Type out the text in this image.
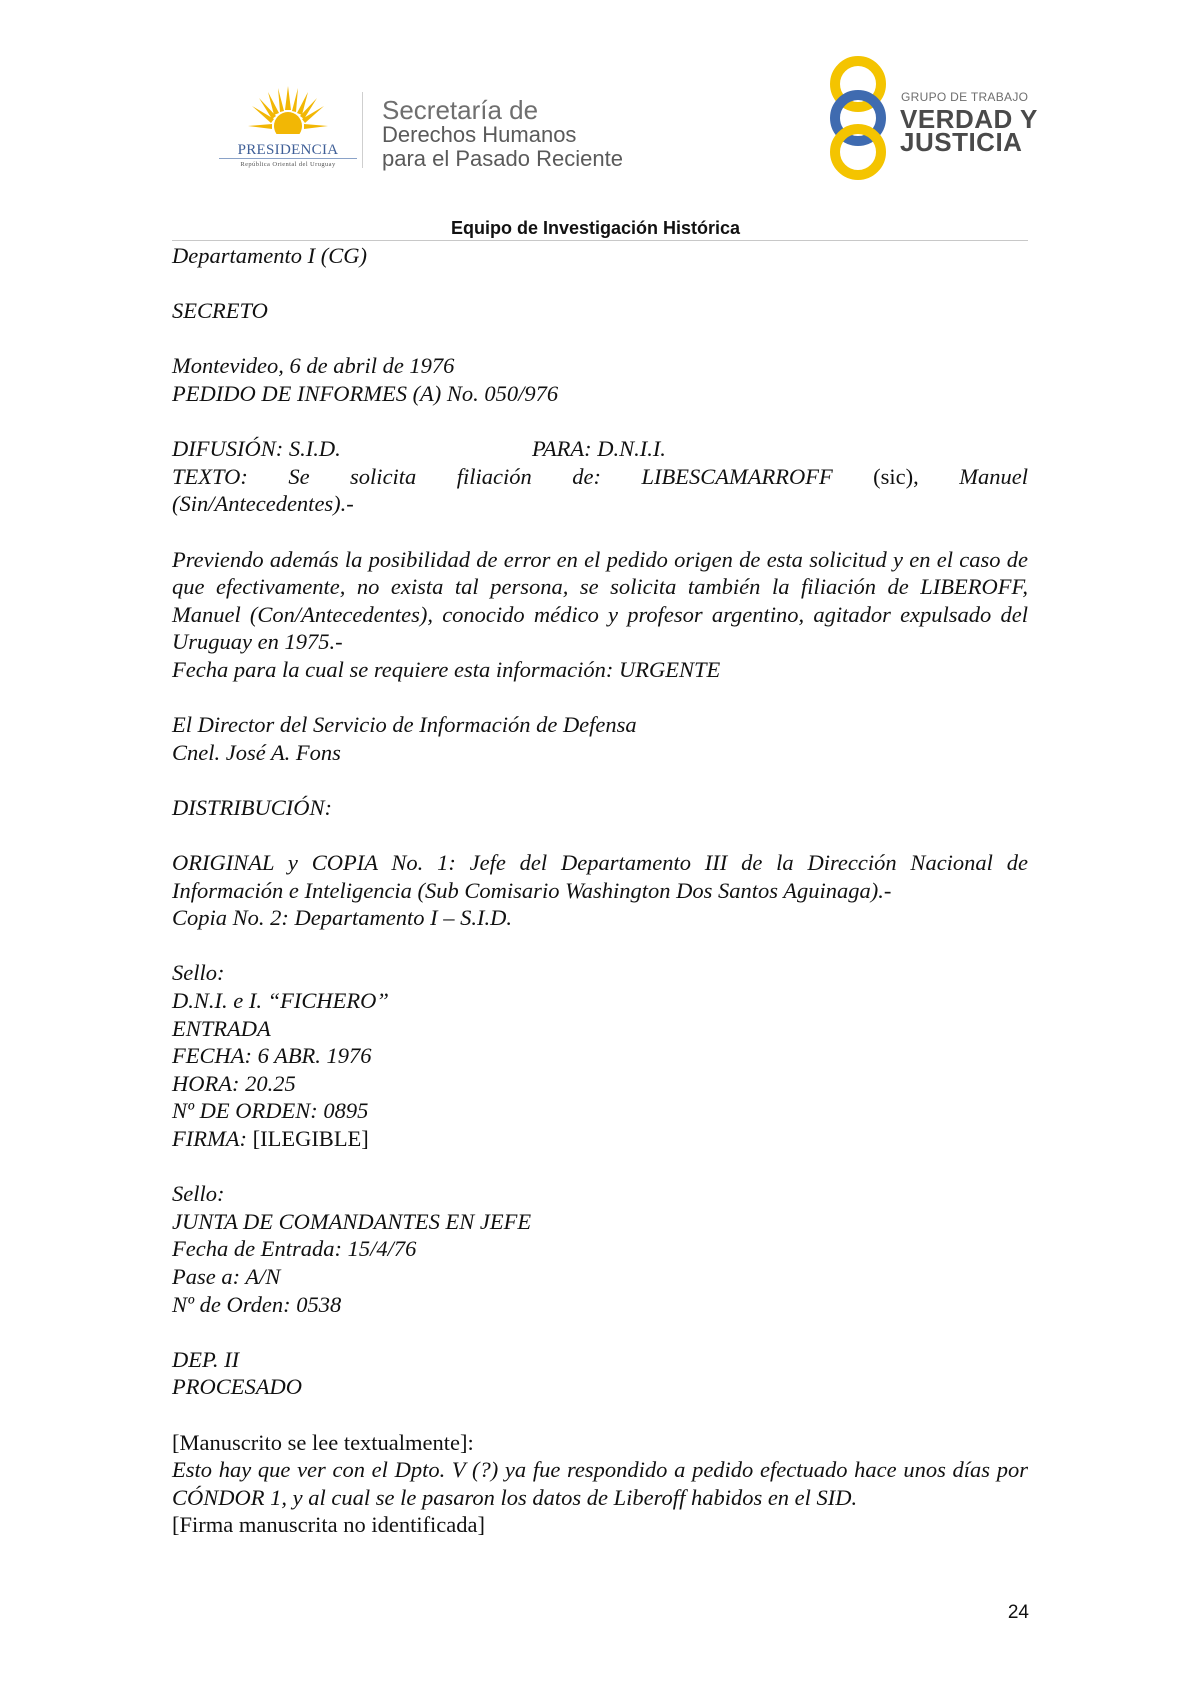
PRESIDENCIA
República Oriental del Uruguay
Secretaría de
Derechos Humanos
para el Pasado Reciente
GRUPO DE TRABAJO
VERDAD Y
JUSTICIA
Equipo de Investigación Histórica

Departamento I (CG)

SECRETO

Montevideo, 6 de abril de 1976

PEDIDO DE INFORMES (A) No. 050/976

DIFUSIÓN: S.I.D.	PARA: D.N.I.I.

TEXTO: Se solicita filiación de: LIBESCAMARROFF (sic), Manuel

(Sin/Antecedentes).-

Previendo además la posibilidad de error en el pedido origen de esta solicitud y en el caso de que efectivamente, no exista tal persona, se solicita también la filiación de LIBEROFF, Manuel (Con/Antecedentes), conocido médico y profesor argentino, agitador expulsado del Uruguay en 1975.-

Fecha para la cual se requiere esta información: URGENTE

El Director del Servicio de Información de Defensa

Cnel. José A. Fons

DISTRIBUCIÓN:

ORIGINAL y COPIA No. 1: Jefe del Departamento III de la Dirección Nacional de Información e Inteligencia (Sub Comisario Washington Dos Santos Aguinaga).-

Copia No. 2: Departamento I – S.I.D.

Sello:

D.N.I. e I. “FICHERO”

ENTRADA

FECHA: 6 ABR. 1976

HORA: 20.25

Nº DE ORDEN: 0895

FIRMA: [ILEGIBLE]

Sello:

JUNTA DE COMANDANTES EN JEFE

Fecha de Entrada: 15/4/76

Pase a: A/N

Nº de Orden: 0538

DEP. II

PROCESADO

[Manuscrito se lee textualmente]:

Esto hay que ver con el Dpto. V (?) ya fue respondido a pedido efectuado hace unos días por CÓNDOR 1, y al cual se le pasaron los datos de Liberoff habidos en el SID.

[Firma manuscrita no identificada]

24
